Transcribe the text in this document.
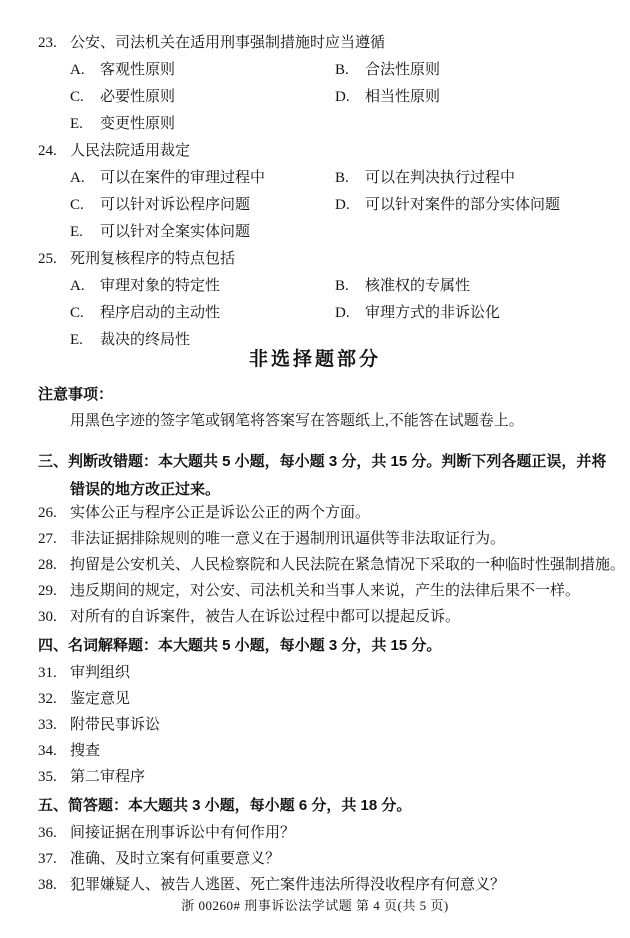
23. 公安、司法机关在适用刑事强制措施时应当遵循
A.	客观性原则	B.	合法性原则
C.	必要性原则	D.	相当性原则
E.	变更性原则
24. 人民法院适用裁定
A.	可以在案件的审理过程中	B.	可以在判决执行过程中
C.	可以针对诉讼程序问题	D.	可以针对案件的部分实体问题
E.	可以针对全案实体问题
25. 死刑复核程序的特点包括
A.	审理对象的特定性	B.	核准权的专属性
C.	程序启动的主动性	D.	审理方式的非诉讼化
E.	裁决的终局性
非选择题部分
注意事项：
用黑色字迹的签字笔或钢笔将答案写在答题纸上,不能答在试题卷上。
三、判断改错题：本大题共 5 小题，每小题 3 分，共 15 分。判断下列各题正误，并将错误的地方改正过来。
26. 实体公正与程序公正是诉讼公正的两个方面。
27. 非法证据排除规则的唯一意义在于遏制刑讯逼供等非法取证行为。
28. 拘留是公安机关、人民检察院和人民法院在紧急情况下采取的一种临时性强制措施。
29. 违反期间的规定，对公安、司法机关和当事人来说，产生的法律后果不一样。
30. 对所有的自诉案件，被告人在诉讼过程中都可以提起反诉。
四、名词解释题：本大题共 5 小题，每小题 3 分，共 15 分。
31. 审判组织
32. 鉴定意见
33. 附带民事诉讼
34. 搜查
35. 第二审程序
五、简答题：本大题共 3 小题，每小题 6 分，共 18 分。
36. 间接证据在刑事诉讼中有何作用？
37. 准确、及时立案有何重要意义？
38. 犯罪嫌疑人、被告人逃匿、死亡案件违法所得没收程序有何意义？
浙 00260# 刑事诉讼法学试题 第 4 页(共 5 页)
